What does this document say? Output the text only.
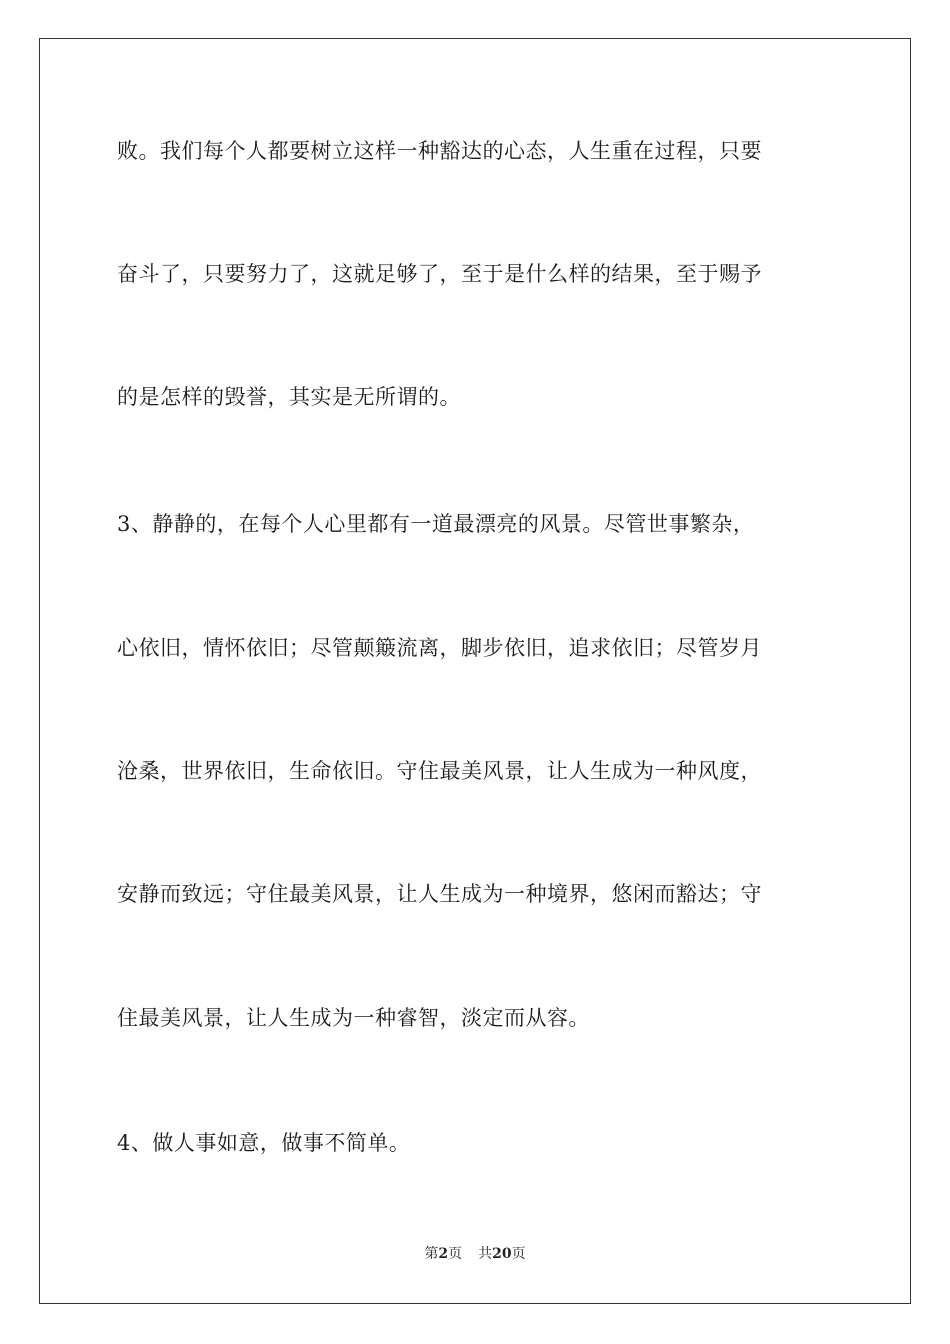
败。我们每个人都要树立这样一种豁达的心态，人生重在过程，只要
奋斗了，只要努力了，这就足够了，至于是什么样的结果，至于赐予
的是怎样的毁誉，其实是无所谓的。
3、静静的，在每个人心里都有一道最漂亮的风景。尽管世事繁杂，
心依旧，情怀依旧；尽管颠簸流离，脚步依旧，追求依旧；尽管岁月
沧桑，世界依旧，生命依旧。守住最美风景，让人生成为一种风度，
安静而致远；守住最美风景，让人生成为一种境界，悠闲而豁达；守
住最美风景，让人生成为一种睿智，淡定而从容。
4、做人事如意，做事不简单。
第2页 共20页
